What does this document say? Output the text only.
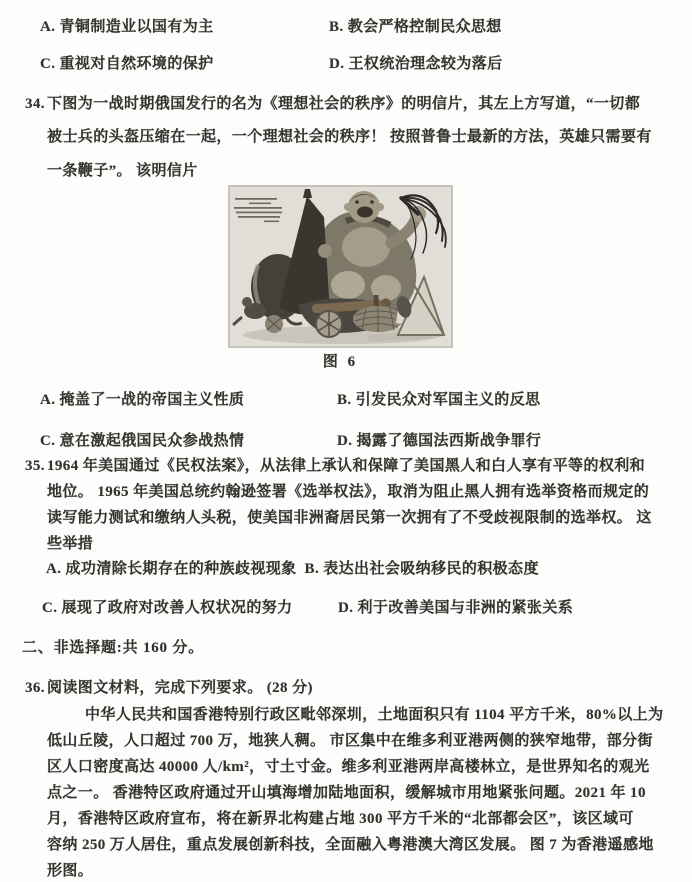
A. 青铜制造业以国有为主	B. 教会严格控制民众思想
C. 重视对自然环境的保护	D. 王权统治理念较为落后
34. 下图为一战时期俄国发行的名为《理想社会的秩序》的明信片，其左上方写道，“一切都
被士兵的头盔压缩在一起，一个理想社会的秩序！ 按照普鲁士最新的方法，英雄只需要有
一条鞭子”。 该明信片
图 6
A. 掩盖了一战的帝国主义性质	B. 引发民众对军国主义的反思
C. 意在激起俄国民众参战热情	D. 揭露了德国法西斯战争罪行
35. 1964 年美国通过《民权法案》，从法律上承认和保障了美国黑人和白人享有平等的权利和
地位。 1965 年美国总统约翰逊签署《选举权法》，取消为阻止黑人拥有选举资格而规定的
读写能力测试和缴纳人头税，使美国非洲裔居民第一次拥有了不受歧视限制的选举权。 这
些举措
A. 成功清除长期存在的种族歧视现象 B. 表达出社会吸纳移民的积极态度
C. 展现了政府对改善人权状况的努力	D. 利于改善美国与非洲的紧张关系
二、非选择题:共 160 分。
36. 阅读图文材料，完成下列要求。 (28 分)
中华人民共和国香港特别行政区毗邻深圳，土地面积只有 1104 平方千米，80%以上为
低山丘陵，人口超过 700 万，地狭人稠。 市区集中在维多利亚港两侧的狭窄地带，部分街
区人口密度高达 40000 人/km²，寸土寸金。维多利亚港两岸高楼林立，是世界知名的观光
点之一。 香港特区政府通过开山填海增加陆地面积，缓解城市用地紧张问题。2021 年 10
月，香港特区政府宣布，将在新界北构建占地 300 平方千米的“北部都会区”，该区域可
容纳 250 万人居住，重点发展创新科技，全面融入粤港澳大湾区发展。 图 7 为香港遥感地
形图。
